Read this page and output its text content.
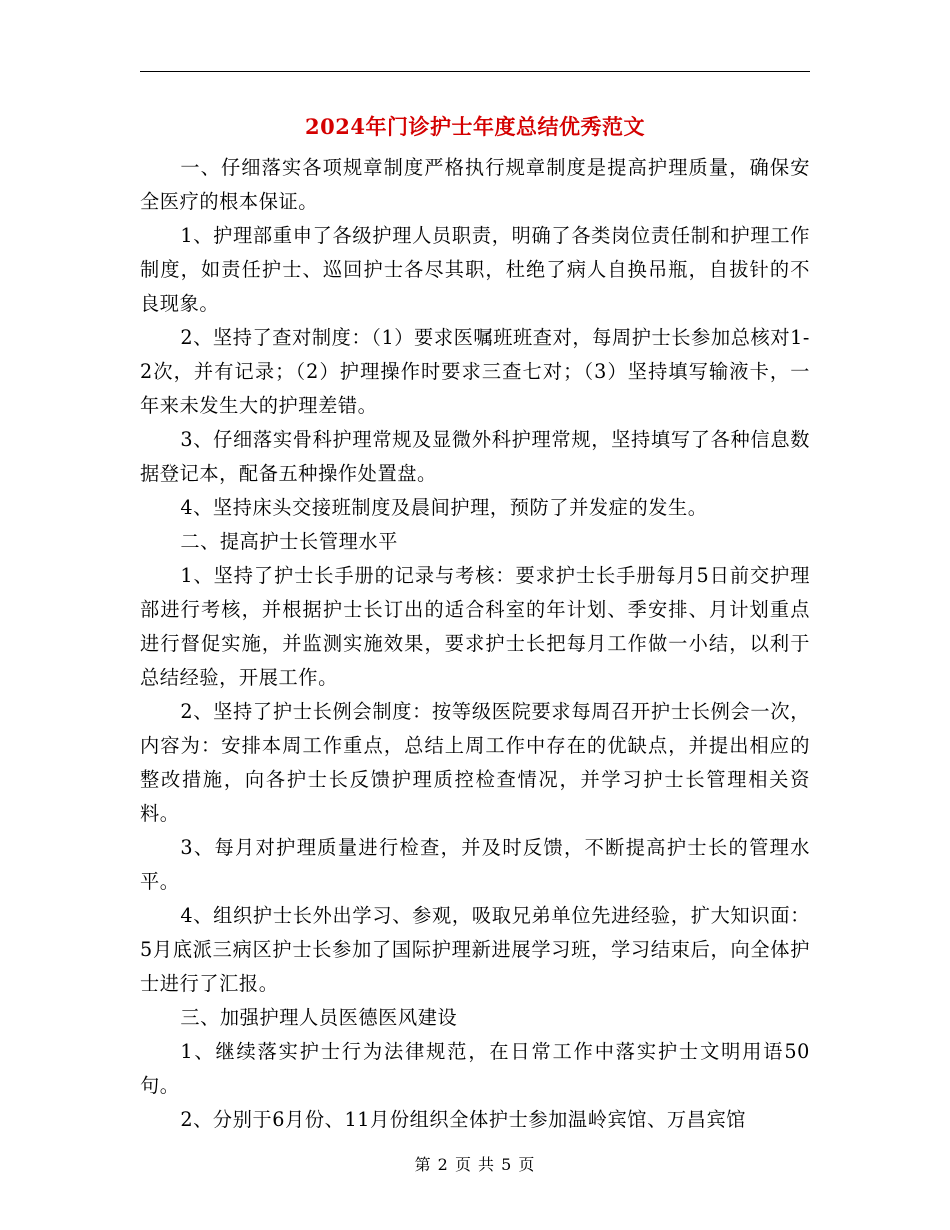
2024年门诊护士年度总结优秀范文

一、仔细落实各项规章制度严格执行规章制度是提高护理质量，确保安全医疗的根本保证。

1、护理部重申了各级护理人员职责，明确了各类岗位责任制和护理工作制度，如责任护士、巡回护士各尽其职，杜绝了病人自换吊瓶，自拔针的不良现象。

2、坚持了查对制度：（1）要求医嘱班班查对，每周护士长参加总核对1-2次，并有记录；（2）护理操作时要求三查七对；（3）坚持填写输液卡，一年来未发生大的护理差错。

3、仔细落实骨科护理常规及显微外科护理常规，坚持填写了各种信息数据登记本，配备五种操作处置盘。

4、坚持床头交接班制度及晨间护理，预防了并发症的发生。

二、提高护士长管理水平

1、坚持了护士长手册的记录与考核：要求护士长手册每月5日前交护理部进行考核，并根据护士长订出的适合科室的年计划、季安排、月计划重点进行督促实施，并监测实施效果，要求护士长把每月工作做一小结，以利于总结经验，开展工作。

2、坚持了护士长例会制度：按等级医院要求每周召开护士长例会一次，内容为：安排本周工作重点，总结上周工作中存在的优缺点，并提出相应的整改措施，向各护士长反馈护理质控检查情况，并学习护士长管理相关资料。

3、每月对护理质量进行检查，并及时反馈，不断提高护士长的管理水平。

4、组织护士长外出学习、参观，吸取兄弟单位先进经验，扩大知识面：5月底派三病区护士长参加了国际护理新进展学习班，学习结束后，向全体护士进行了汇报。

三、加强护理人员医德医风建设

1、继续落实护士行为法律规范，在日常工作中落实护士文明用语50句。

2、分别于6月份、11月份组织全体护士参加温岭宾馆、万昌宾馆

第 2 页 共 5 页
